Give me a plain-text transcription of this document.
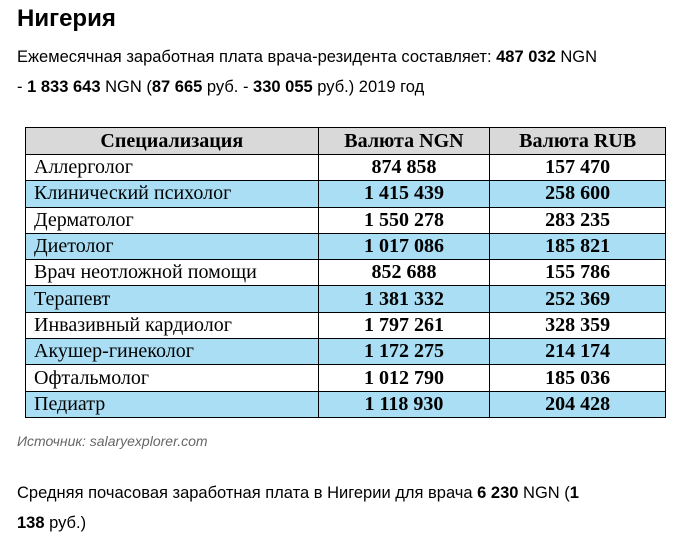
Нигерия

Ежемесячная заработная плата врача-резидента составляет: 487 032 NGN
- 1 833 643 NGN (87 665 руб. - 330 055 руб.) 2019 год

Специализация	Валюта NGN	Валюта RUB
Аллерголог	874 858	157 470
Клинический психолог	1 415 439	258 600
Дерматолог	1 550 278	283 235
Диетолог	1 017 086	185 821
Врач неотложной помощи	852 688	155 786
Терапевт	1 381 332	252 369
Инвазивный кардиолог	1 797 261	328 359
Акушер-гинеколог	1 172 275	214 174
Офтальмолог	1 012 790	185 036
Педиатр	1 118 930	204 428

Источник: salaryexplorer.com

Средняя почасовая заработная плата в Нигерии для врача 6 230 NGN (1
138 руб.)
